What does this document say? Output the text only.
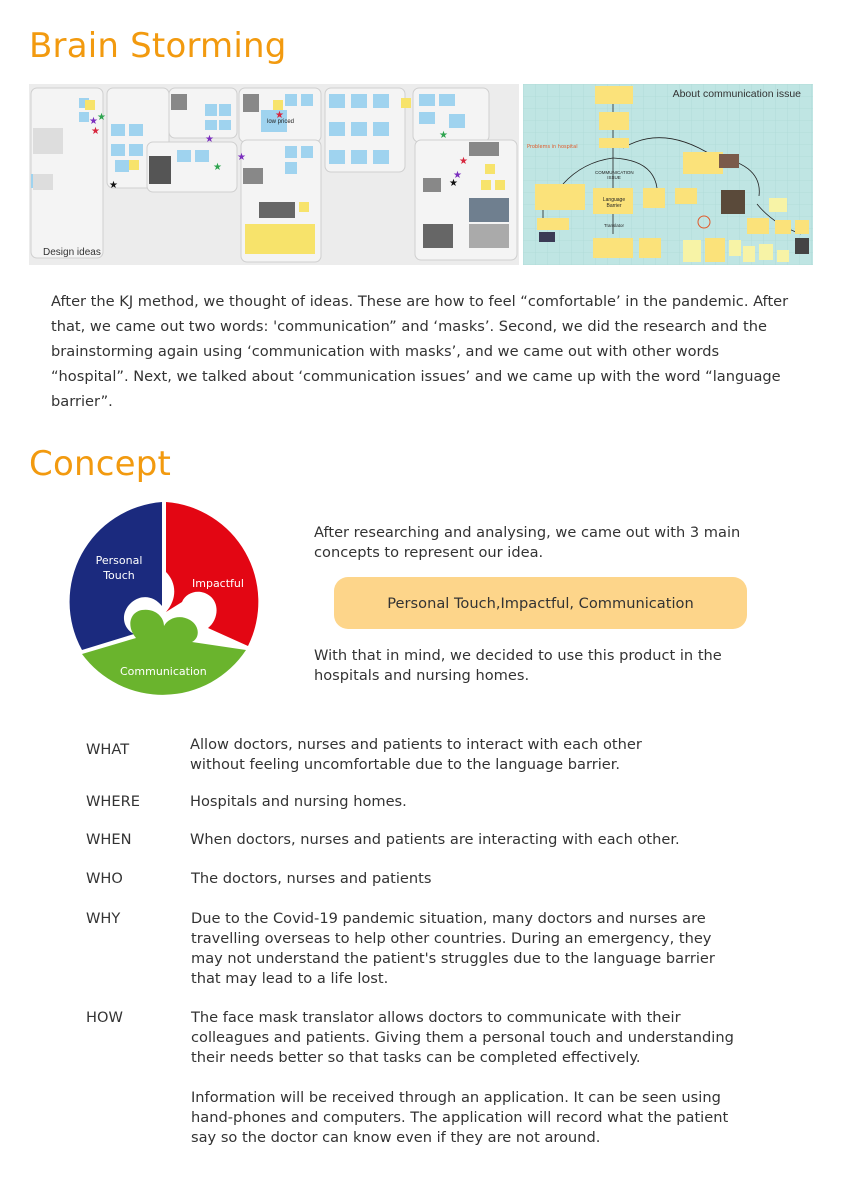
Brain Storming
★ ★
★
★
★
★
★
★
★
★
★
★
low priced
Design ideas
Problems in hospital
COMMUNICATION ISSUE
Language Barrier
Translator
About communication issue

After the KJ method, we thought of ideas. These are how to feel “comfortable’ in the pandemic. After that, we came out two words: 'communication” and ‘masks’. Second, we did the research and the brainstorming again using ‘communication with masks’, and we came out with other words “hospital”. Next, we talked about ‘communication issues’ and we came up with the word “language barrier”.

Concept
Personal
Touch
Impactful
Communication

After researching and analysing, we came out with 3 main concepts to represent our idea.

Personal Touch,Impactful, Communication

With that in mind, we decided to use this product in the hospitals and nursing homes.

WHAT	Allow doctors, nurses and patients to interact with each other

without feeling uncomfortable due to the language barrier.

WHERE	Hospitals and nursing homes.

WHEN	When doctors, nurses and patients are interacting with each other.

WHO	The doctors, nurses and patients

WHY	Due to the Covid-19 pandemic situation, many doctors and nurses are

travelling overseas to help other countries. During an emergency, they

may not understand the patient's struggles due to the language barrier

that may lead to a life lost.

HOW	The face mask translator allows doctors to communicate with their

colleagues and patients. Giving them a personal touch and understanding

their needs better so that tasks can be completed effectively.

Information will be received through an application. It can be seen using

hand-phones and computers. The application will record what the patient

say so the doctor can know even if they are not around.
